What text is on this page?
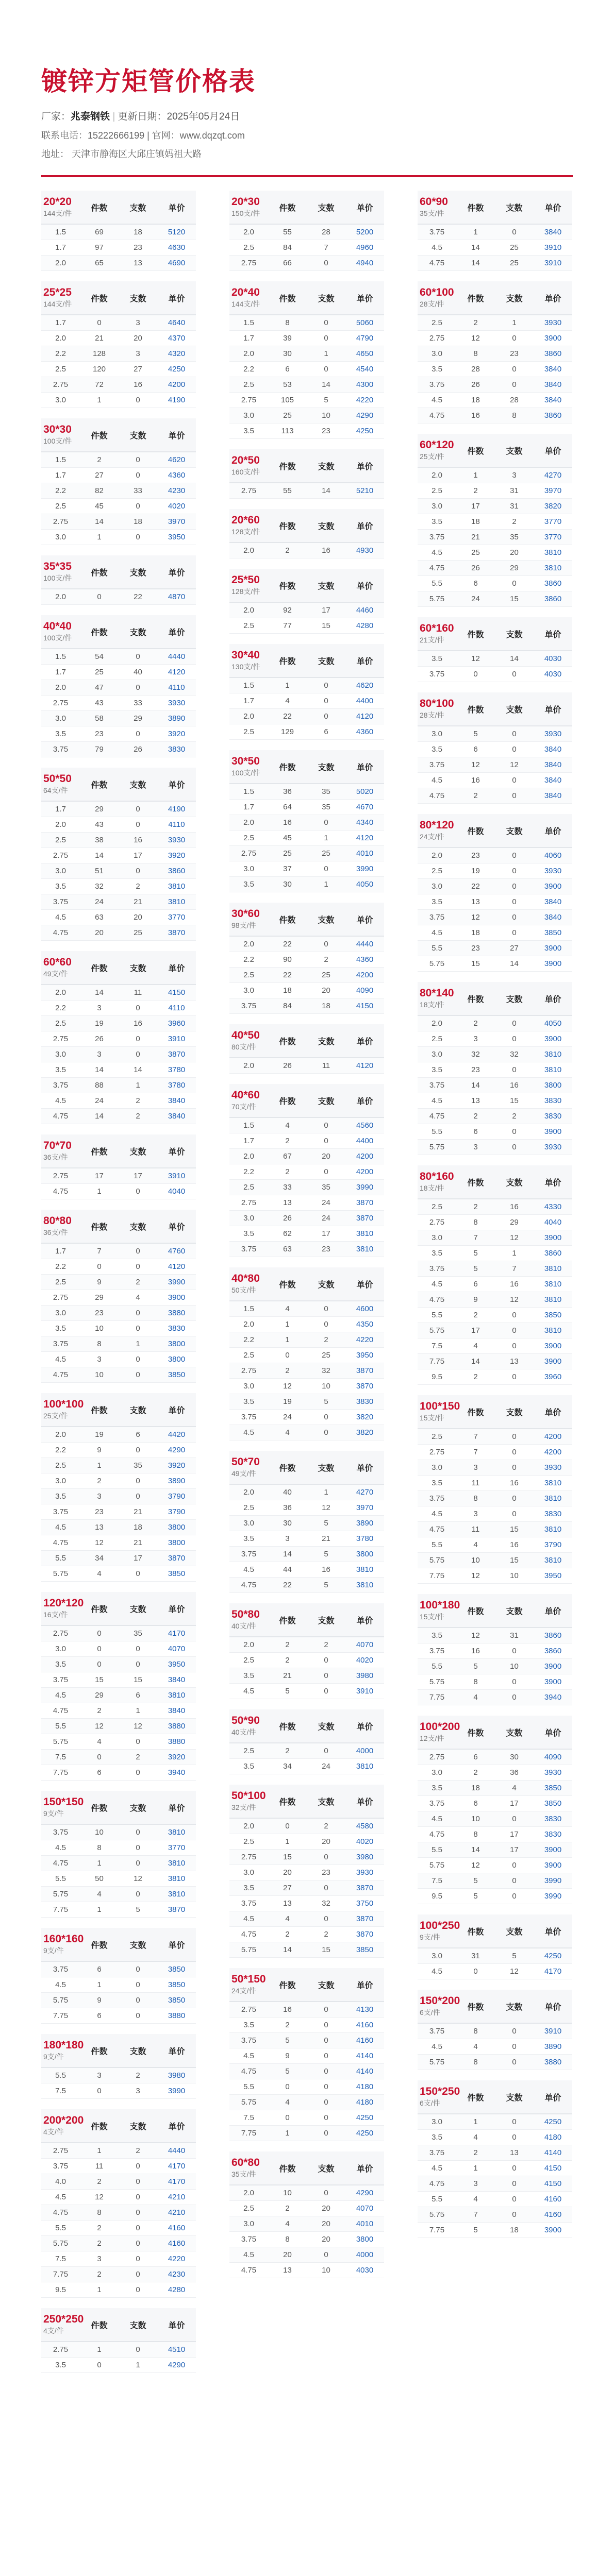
镀锌方矩管价格表
厂家：兆泰钢铁 | 更新日期：2025年05月24日
联系电话：15222666199 | 官网：www.dqzqt.com
地址： 天津市静海区大邱庄镇妈祖大路
20*20
144支/件
件数	支数	单价
1.5	69	18	5120
1.7	97	23	4630
2.0	65	13	4690
25*25
144支/件
件数	支数	单价
1.7	0	3	4640
2.0	21	20	4370
2.2	128	3	4320
2.5	120	27	4250
2.75	72	16	4200
3.0	1	0	4190
30*30
100支/件
件数	支数	单价
1.5	2	0	4620
1.7	27	0	4360
2.2	82	33	4230
2.5	45	0	4020
2.75	14	18	3970
3.0	1	0	3950
35*35
100支/件
件数	支数	单价
2.0	0	22	4870
40*40
100支/件
件数	支数	单价
1.5	54	0	4440
1.7	25	40	4120
2.0	47	0	4110
2.75	43	33	3930
3.0	58	29	3890
3.5	23	0	3920
3.75	79	26	3830
50*50
64支/件
件数	支数	单价
1.7	29	0	4190
2.0	43	0	4110
2.5	38	16	3930
2.75	14	17	3920
3.0	51	0	3860
3.5	32	2	3810
3.75	24	21	3810
4.5	63	20	3770
4.75	20	25	3870
60*60
49支/件
件数	支数	单价
2.0	14	11	4150
2.2	3	0	4110
2.5	19	16	3960
2.75	26	0	3910
3.0	3	0	3870
3.5	14	14	3780
3.75	88	1	3780
4.5	24	2	3840
4.75	14	2	3840
70*70
36支/件
件数	支数	单价
2.75	17	17	3910
4.75	1	0	4040
80*80
36支/件
件数	支数	单价
1.7	7	0	4760
2.2	0	0	4120
2.5	9	2	3990
2.75	29	4	3900
3.0	23	0	3880
3.5	10	0	3830
3.75	8	1	3800
4.5	3	0	3800
4.75	10	0	3850
100*100
25支/件
件数	支数	单价
2.0	19	6	4420
2.2	9	0	4290
2.5	1	35	3920
3.0	2	0	3890
3.5	3	0	3790
3.75	23	21	3790
4.5	13	18	3800
4.75	12	21	3800
5.5	34	17	3870
5.75	4	0	3850
120*120
16支/件
件数	支数	单价
2.75	0	35	4170
3.0	0	0	4070
3.5	0	0	3950
3.75	15	15	3840
4.5	29	6	3810
4.75	2	1	3840
5.5	12	12	3880
5.75	4	0	3880
7.5	0	2	3920
7.75	6	0	3940
150*150
9支/件
件数	支数	单价
3.75	10	0	3810
4.5	8	0	3770
4.75	1	0	3810
5.5	50	12	3810
5.75	4	0	3810
7.75	1	5	3870
160*160
9支/件
件数	支数	单价
3.75	6	0	3850
4.5	1	0	3850
5.75	9	0	3850
7.75	6	0	3880
180*180
9支/件
件数	支数	单价
5.5	3	2	3980
7.5	0	3	3990
200*200
4支/件
件数	支数	单价
2.75	1	2	4440
3.75	11	0	4170
4.0	2	0	4170
4.5	12	0	4210
4.75	8	0	4210
5.5	2	0	4160
5.75	2	0	4160
7.5	3	0	4220
7.75	2	0	4230
9.5	1	0	4280
250*250
4支/件
件数	支数	单价
2.75	1	0	4510
3.5	0	1	4290
20*30
150支/件
件数	支数	单价
2.0	55	28	5200
2.5	84	7	4960
2.75	66	0	4940
20*40
144支/件
件数	支数	单价
1.5	8	0	5060
1.7	39	0	4790
2.0	30	1	4650
2.2	6	0	4540
2.5	53	14	4300
2.75	105	5	4220
3.0	25	10	4290
3.5	113	23	4250
20*50
160支/件
件数	支数	单价
2.75	55	14	5210
20*60
128支/件
件数	支数	单价
2.0	2	16	4930
25*50
128支/件
件数	支数	单价
2.0	92	17	4460
2.5	77	15	4280
30*40
130支/件
件数	支数	单价
1.5	1	0	4620
1.7	4	0	4400
2.0	22	0	4120
2.5	129	6	4360
30*50
100支/件
件数	支数	单价
1.5	36	35	5020
1.7	64	35	4670
2.0	16	0	4340
2.5	45	1	4120
2.75	25	25	4010
3.0	37	0	3990
3.5	30	1	4050
30*60
98支/件
件数	支数	单价
2.0	22	0	4440
2.2	90	2	4360
2.5	22	25	4200
3.0	18	20	4090
3.75	84	18	4150
40*50
80支/件
件数	支数	单价
2.0	26	11	4120
40*60
70支/件
件数	支数	单价
1.5	4	0	4560
1.7	2	0	4400
2.0	67	20	4200
2.2	2	0	4200
2.5	33	35	3990
2.75	13	24	3870
3.0	26	24	3870
3.5	62	17	3810
3.75	63	23	3810
40*80
50支/件
件数	支数	单价
1.5	4	0	4600
2.0	1	0	4350
2.2	1	2	4220
2.5	0	25	3950
2.75	2	32	3870
3.0	12	10	3870
3.5	19	5	3830
3.75	24	0	3820
4.5	4	0	3820
50*70
49支/件
件数	支数	单价
2.0	40	1	4270
2.5	36	12	3970
3.0	30	5	3890
3.5	3	21	3780
3.75	14	5	3800
4.5	44	16	3810
4.75	22	5	3810
50*80
40支/件
件数	支数	单价
2.0	2	2	4070
2.5	2	0	4020
3.5	21	0	3980
4.5	5	0	3910
50*90
40支/件
件数	支数	单价
2.5	2	0	4000
3.5	34	24	3810
50*100
32支/件
件数	支数	单价
2.0	0	2	4580
2.5	1	20	4020
2.75	15	0	3980
3.0	20	23	3930
3.5	27	0	3870
3.75	13	32	3750
4.5	4	0	3870
4.75	2	2	3870
5.75	14	15	3850
50*150
24支/件
件数	支数	单价
2.75	16	0	4130
3.5	2	0	4160
3.75	5	0	4160
4.5	9	0	4140
4.75	5	0	4140
5.5	0	0	4180
5.75	4	0	4180
7.5	0	0	4250
7.75	1	0	4250
60*80
35支/件
件数	支数	单价
2.0	10	0	4290
2.5	2	20	4070
3.0	4	20	4010
3.75	8	20	3800
4.5	20	0	4000
4.75	13	10	4030
60*90
35支/件
件数	支数	单价
3.75	1	0	3840
4.5	14	25	3910
4.75	14	25	3910
60*100
28支/件
件数	支数	单价
2.5	2	1	3930
2.75	12	0	3900
3.0	8	23	3860
3.5	28	0	3840
3.75	26	0	3840
4.5	18	28	3840
4.75	16	8	3860
60*120
25支/件
件数	支数	单价
2.0	1	3	4270
2.5	2	31	3970
3.0	17	31	3820
3.5	18	2	3770
3.75	21	35	3770
4.5	25	20	3810
4.75	26	29	3810
5.5	6	0	3860
5.75	24	15	3860
60*160
21支/件
件数	支数	单价
3.5	12	14	4030
3.75	0	0	4030
80*100
28支/件
件数	支数	单价
3.0	5	0	3930
3.5	6	0	3840
3.75	12	12	3840
4.5	16	0	3840
4.75	2	0	3840
80*120
24支/件
件数	支数	单价
2.0	23	0	4060
2.5	19	0	3930
3.0	22	0	3900
3.5	13	0	3840
3.75	12	0	3840
4.5	18	0	3850
5.5	23	27	3900
5.75	15	14	3900
80*140
18支/件
件数	支数	单价
2.0	2	0	4050
2.5	3	0	3900
3.0	32	32	3810
3.5	23	0	3810
3.75	14	16	3800
4.5	13	15	3830
4.75	2	2	3830
5.5	6	0	3900
5.75	3	0	3930
80*160
18支/件
件数	支数	单价
2.5	2	16	4330
2.75	8	29	4040
3.0	7	12	3900
3.5	5	1	3860
3.75	5	7	3810
4.5	6	16	3810
4.75	9	12	3810
5.5	2	0	3850
5.75	17	0	3810
7.5	4	0	3900
7.75	14	13	3900
9.5	2	0	3960
100*150
15支/件
件数	支数	单价
2.5	7	0	4200
2.75	7	0	4200
3.0	3	0	3930
3.5	11	16	3810
3.75	8	0	3810
4.5	3	0	3830
4.75	11	15	3810
5.5	4	16	3790
5.75	10	15	3810
7.75	12	10	3950
100*180
15支/件
件数	支数	单价
3.5	12	31	3860
3.75	16	0	3860
5.5	5	10	3900
5.75	8	0	3900
7.75	4	0	3940
100*200
12支/件
件数	支数	单价
2.75	6	30	4090
3.0	2	36	3930
3.5	18	4	3850
3.75	6	17	3850
4.5	10	0	3830
4.75	8	17	3830
5.5	14	17	3900
5.75	12	0	3900
7.5	5	0	3990
9.5	5	0	3990
100*250
9支/件
件数	支数	单价
3.0	31	5	4250
4.5	0	12	4170
150*200
6支/件
件数	支数	单价
3.75	8	0	3910
4.5	4	0	3890
5.75	8	0	3880
150*250
6支/件
件数	支数	单价
3.0	1	0	4250
3.5	4	0	4180
3.75	2	13	4140
4.5	1	0	4150
4.75	3	0	4150
5.5	4	0	4160
5.75	7	0	4160
7.75	5	18	3900
